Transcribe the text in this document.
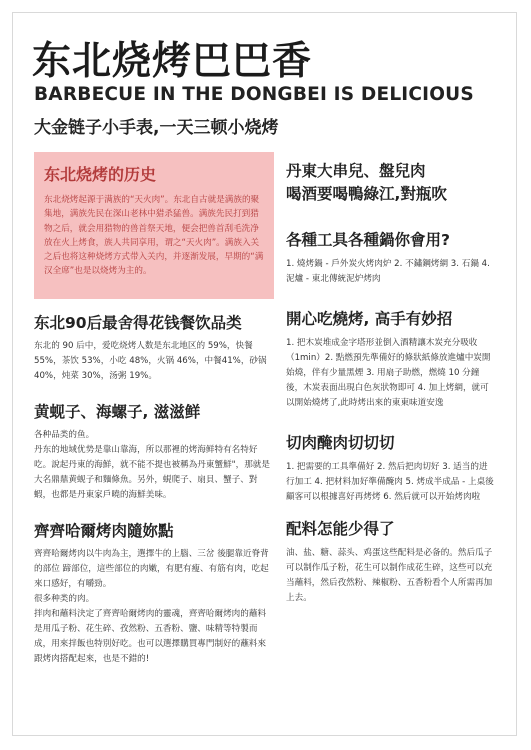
东北烧烤巴巴香
BARBECUE IN THE DONGBEI IS DELICIOUS
大金链子小手表,一天三顿小烧烤
东北烧烤的历史

东北烧烤起源于满族的“天火肉”。东北自古就是满族的聚集地，满族先民在深山老林中猎杀猛兽。满族先民打到猎物之后，就会用猎物的兽首祭天地，便会把兽首刮毛洗净放在火上烤食，族人共同享用，谓之“天火肉”。满族入关之后也将这种烧烤方式带入关内，并逐渐发展，早期的“满汉全席”也是以烧烤为主的。

东北90后最舍得花钱餐饮品类

东北的 90 后中，爱吃烧烤人数是东北地区的 59%，快餐 55%，茶饮 53%，小吃 48%，火锅 46%，中餐41%，砂锅 40%，炖菜 30%，汤粥 19%。

黄蚬子、海螺子, 滋滋鲜

各种品类的鱼。
丹东的地域优势是靠山靠海，所以那裡的烤海鲜特有名特好吃。說起丹東的海鮮，就不能不提也被稱為丹東蟹鮮"，那就是大名鼎鼎黄蚬子和麵條魚。另外，蜆爬子、扇貝、蟹子、對蝦，也都是丹東家戶曉的海鮮美味。

齊齊哈爾烤肉隨妳點

齊齊哈爾烤肉以牛肉為主，選擇牛的上腦、三岔 後腿靠近脊背的部位 蹄部位，這些部位的肉嫩，有肥有瘦、有筋有肉，吃起來口感好，有嚼勁。
很多种类的肉。
拌肉和蘸料決定了齊齊哈爾烤肉的靈魂，齊齊哈爾烤肉的蘸料是用瓜子粉、花生碎、孜然粉、五香粉、鹽、味精等特製而成，用來拌飯也特別好吃。也可以選擇購買專門制好的蘸料來跟烤肉搭配起來，也是不錯的!

丹東大串兒、盤兒肉

喝酒要喝鴨綠江,對瓶吹

各種工具各種鍋你會用?

1. 燒烤鍋 - 戶外炭火烤肉炉 2. 不鏽鋼烤網 3. 石鍋 4. 泥爐 - 東北傳統泥炉烤肉

開心吃燒烤, 高手有妙招

1. 把木炭堆成金字塔形並倒入酒精讓木炭充分吸收（1min）2. 點燃預先準備好的條狀紙條放進爐中炭開始燒，伴有少量黑煙 3. 用扇子助燃，燃燒 10 分鐘後，木炭表面出現白色灰狀物即可 4. 加上烤網，就可以開始燒烤了,此時烤出來的東東味道安逸

切肉醃肉切切切

1. 把需要的工具準備好 2. 然后把肉切好 3. 适当的进行加工 4. 把材料加好準備醃肉 5. 烤成半成品 - 上桌後顧客可以根據喜好再烤烤 6. 然后就可以开始烤肉啦

配料怎能少得了

油、盐、糖、蒜头、鸡蛋这些配料是必备的。然后瓜子可以制作瓜子粉，花生可以制作成花生碎，这些可以充当蘸料，然后孜然粉、辣椒粉、五香粉看个人所需再加上去。
